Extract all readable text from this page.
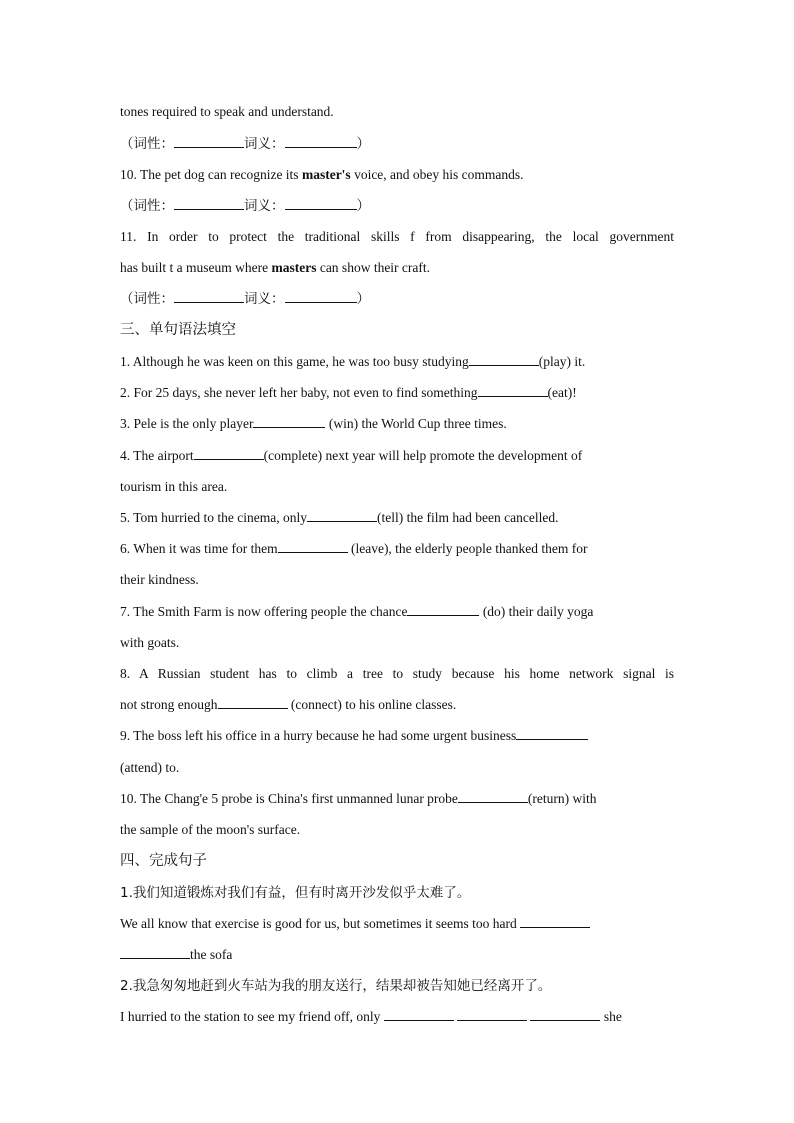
tones required to speak and understand.
（词性：	词义：	）
10. The pet dog can recognize its master's voice, and obey his commands.
（词性：	词义：	）
11. In order to protect the traditional skills f from disappearing, the local government
has built t a museum where masters can show their craft.
（词性：	词义：	）
三、单句语法填空
1. Although he was keen on this game, he was too busy studying	(play) it.
2. For 25 days, she never left her baby, not even to find something	(eat)!
3. Pele is the only player	(win) the World Cup three times.
4. The airport	(complete) next year will help promote the development of
tourism in this area.
5. Tom hurried to the cinema, only	(tell) the film had been cancelled.
6. When it was time for them	(leave), the elderly people thanked them for
their kindness.
7. The Smith Farm is now offering people the chance	(do) their daily yoga
with goats.
8. A Russian student has to climb a tree to study because his home network signal is
not strong enough	(connect) to his online classes.
9. The boss left his office in a hurry because he had some urgent business
(attend) to.
10. The Chang'e 5 probe is China's first unmanned lunar probe	(return) with
the sample of the moon's surface.
四、完成句子
1.我们知道锻炼对我们有益，但有时离开沙发似乎太难了。
We all know that exercise is good for us, but sometimes it seems too hard
the sofa
2.我急匆匆地赶到火车站为我的朋友送行，结果却被告知她已经离开了。
I hurried to the station to see my friend off, only	she
